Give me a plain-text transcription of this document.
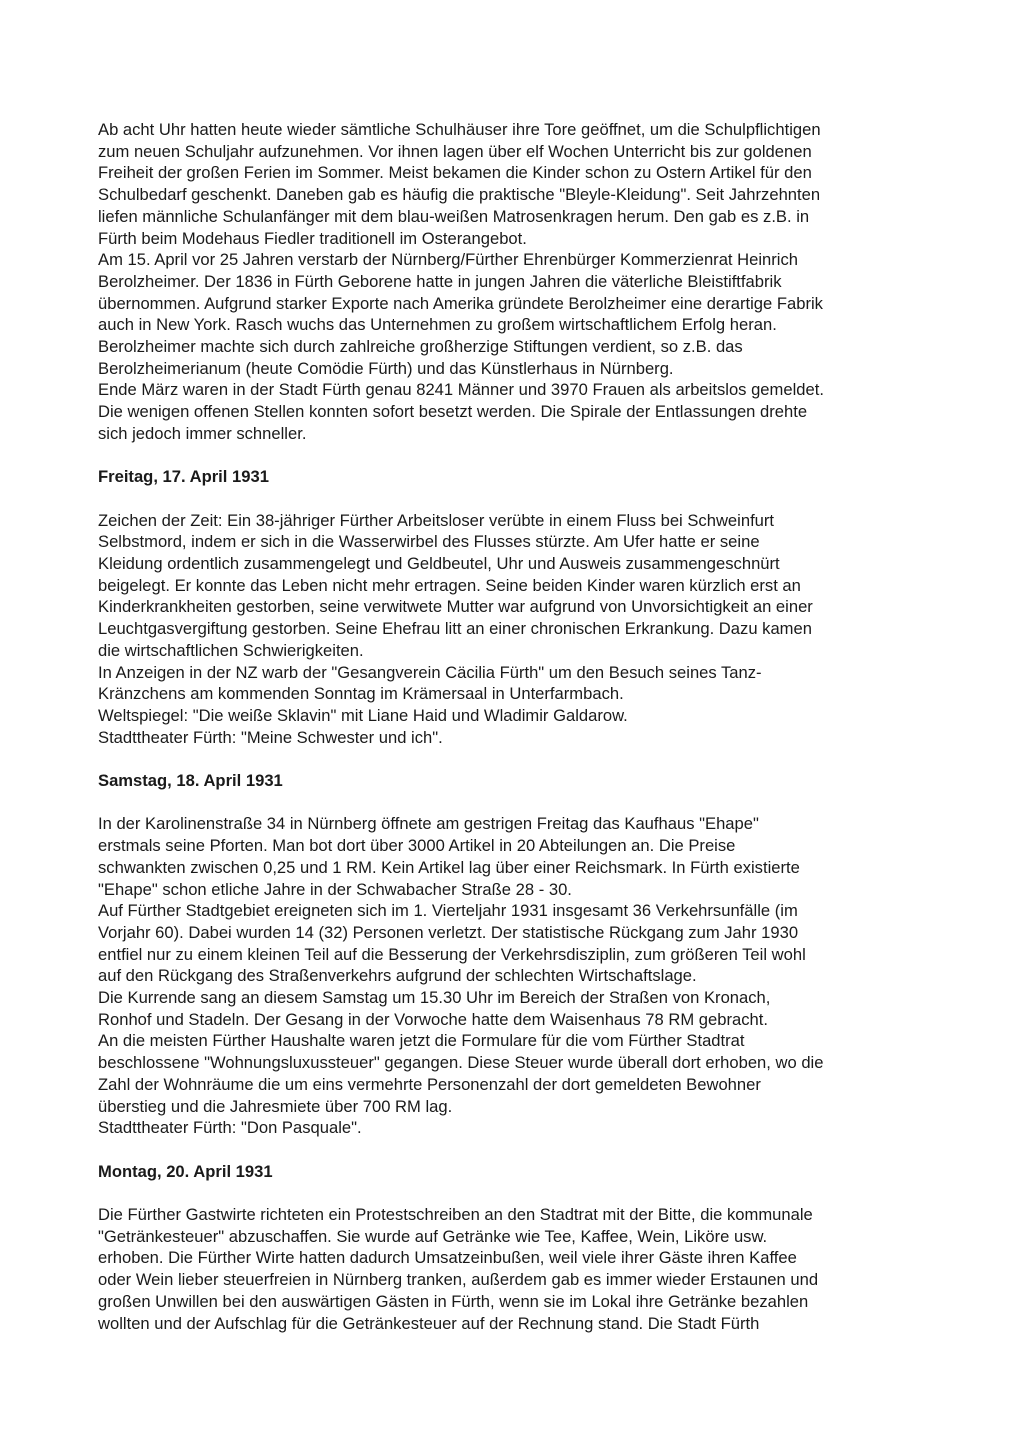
Ab acht Uhr hatten heute wieder sämtliche Schulhäuser ihre Tore geöffnet, um die Schulpflichtigen
zum neuen Schuljahr aufzunehmen. Vor ihnen lagen über elf Wochen Unterricht bis zur goldenen
Freiheit der großen Ferien im Sommer. Meist bekamen die Kinder schon zu Ostern Artikel für den
Schulbedarf geschenkt. Daneben gab es häufig die praktische "Bleyle-Kleidung". Seit Jahrzehnten
liefen männliche Schulanfänger mit dem blau-weißen Matrosenkragen herum. Den gab es z.B. in
Fürth beim Modehaus Fiedler traditionell im Osterangebot.
Am 15. April vor 25 Jahren verstarb der Nürnberg/Fürther Ehrenbürger Kommerzienrat Heinrich
Berolzheimer. Der 1836 in Fürth Geborene hatte in jungen Jahren die väterliche Bleistiftfabrik
übernommen. Aufgrund starker Exporte nach Amerika gründete Berolzheimer eine derartige Fabrik
auch in New York. Rasch wuchs das Unternehmen zu großem wirtschaftlichem Erfolg heran.
Berolzheimer machte sich durch zahlreiche großherzige Stiftungen verdient, so z.B. das
Berolzheimerianum (heute Comödie Fürth) und das Künstlerhaus in Nürnberg.
Ende März waren in der Stadt Fürth genau 8241 Männer und 3970 Frauen als arbeitslos gemeldet.
Die wenigen offenen Stellen konnten sofort besetzt werden. Die Spirale der Entlassungen drehte
sich jedoch immer schneller.

Freitag, 17. April 1931

Zeichen der Zeit: Ein 38-jähriger Fürther Arbeitsloser verübte in einem Fluss bei Schweinfurt
Selbstmord, indem er sich in die Wasserwirbel des Flusses stürzte. Am Ufer hatte er seine
Kleidung ordentlich zusammengelegt und Geldbeutel, Uhr und Ausweis zusammengeschnürt
beigelegt. Er konnte das Leben nicht mehr ertragen. Seine beiden Kinder waren kürzlich erst an
Kinderkrankheiten gestorben, seine verwitwete Mutter war aufgrund von Unvorsichtigkeit an einer
Leuchtgasvergiftung gestorben. Seine Ehefrau litt an einer chronischen Erkrankung. Dazu kamen
die wirtschaftlichen Schwierigkeiten.
In Anzeigen in der NZ warb der "Gesangverein Cäcilia Fürth" um den Besuch seines Tanz-
Kränzchens am kommenden Sonntag im Krämersaal in Unterfarmbach.
Weltspiegel: "Die weiße Sklavin" mit Liane Haid und Wladimir Galdarow.
Stadttheater Fürth: "Meine Schwester und ich".

Samstag, 18. April 1931

In der Karolinenstraße 34 in Nürnberg öffnete am gestrigen Freitag das Kaufhaus "Ehape"
erstmals seine Pforten. Man bot dort über 3000 Artikel in 20 Abteilungen an. Die Preise
schwankten zwischen 0,25 und 1 RM. Kein Artikel lag über einer Reichsmark. In Fürth existierte
"Ehape" schon etliche Jahre in der Schwabacher Straße 28 - 30.
Auf Fürther Stadtgebiet ereigneten sich im 1. Vierteljahr 1931 insgesamt 36 Verkehrsunfälle (im
Vorjahr 60). Dabei wurden 14 (32) Personen verletzt. Der statistische Rückgang zum Jahr 1930
entfiel nur zu einem kleinen Teil auf die Besserung der Verkehrsdisziplin, zum größeren Teil wohl
auf den Rückgang des Straßenverkehrs aufgrund der schlechten Wirtschaftslage.
Die Kurrende sang an diesem Samstag um 15.30 Uhr im Bereich der Straßen von Kronach,
Ronhof und Stadeln. Der Gesang in der Vorwoche hatte dem Waisenhaus 78 RM gebracht.
An die meisten Fürther Haushalte waren jetzt die Formulare für die vom Fürther Stadtrat
beschlossene "Wohnungsluxussteuer" gegangen. Diese Steuer wurde überall dort erhoben, wo die
Zahl der Wohnräume die um eins vermehrte Personenzahl der dort gemeldeten Bewohner
überstieg und die Jahresmiete über 700 RM lag.
Stadttheater Fürth: "Don Pasquale".

Montag, 20. April 1931

Die Fürther Gastwirte richteten ein Protestschreiben an den Stadtrat mit der Bitte, die kommunale
"Getränkesteuer" abzuschaffen. Sie wurde auf Getränke wie Tee, Kaffee, Wein, Liköre usw.
erhoben. Die Fürther Wirte hatten dadurch Umsatzeinbußen, weil viele ihrer Gäste ihren Kaffee
oder Wein lieber steuerfreien in Nürnberg tranken, außerdem gab es immer wieder Erstaunen und
großen Unwillen bei den auswärtigen Gästen in Fürth, wenn sie im Lokal ihre Getränke bezahlen
wollten und der Aufschlag für die Getränkesteuer auf der Rechnung stand. Die Stadt Fürth
